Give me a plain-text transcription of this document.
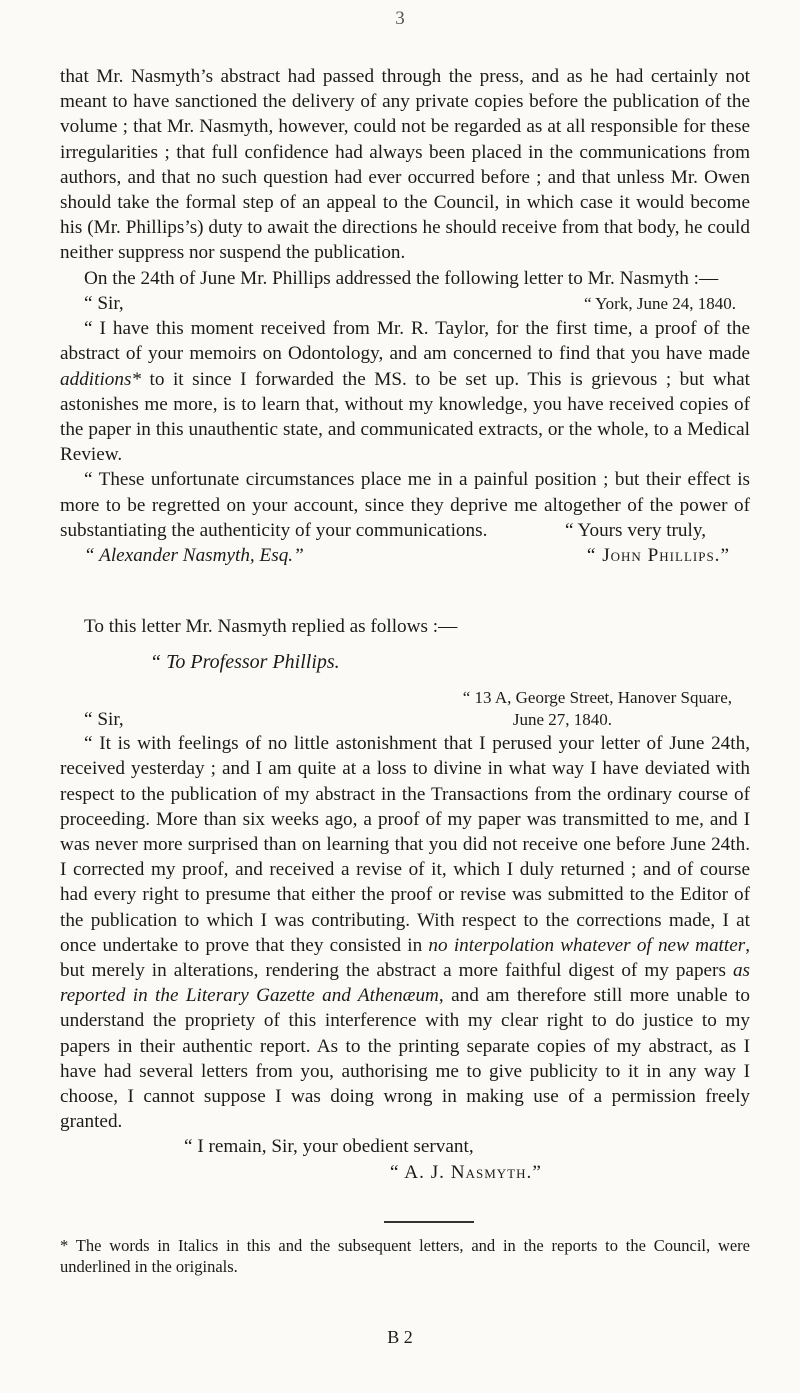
3

that Mr. Nasmyth’s abstract had passed through the press, and as he had certainly not meant to have sanctioned the delivery of any private copies before the publication of the volume ; that Mr. Nasmyth, however, could not be regarded as at all responsible for these irregularities ; that full confidence had always been placed in the communications from authors, and that no such question had ever occurred before ; and that unless Mr. Owen should take the formal step of an appeal to the Council, in which case it would become his (Mr. Phillips’s) duty to await the directions he should receive from that body, he could neither suppress nor suspend the publication.

On the 24th of June Mr. Phillips addressed the following letter to Mr. Nasmyth :—

“ Sir,	“ York, June 24, 1840.

“ I have this moment received from Mr. R. Taylor, for the first time, a proof of the abstract of your memoirs on Odontology, and am concerned to find that you have made additions* to it since I forwarded the MS. to be set up. This is grievous ; but what astonishes me more, is to learn that, without my knowledge, you have received copies of the paper in this unauthentic state, and communicated extracts, or the whole, to a Medical Review.

“ These unfortunate circumstances place me in a painful position ; but their effect is more to be regretted on your account, since they deprive me altogether of the power of substantiating the authenticity of your communications.	“ Yours very truly,
“ Alexander Nasmyth, Esq.”	“ John Phillips.”

To this letter Mr. Nasmyth replied as follows :—

“ To Professor Phillips.
“ 13 A, George Street, Hanover Square,
“ Sir,	June 27, 1840.

“ It is with feelings of no little astonishment that I perused your letter of June 24th, received yesterday ; and I am quite at a loss to divine in what way I have deviated with respect to the publication of my abstract in the Transactions from the ordinary course of proceeding. More than six weeks ago, a proof of my paper was transmitted to me, and I was never more surprised than on learning that you did not receive one before June 24th. I corrected my proof, and received a revise of it, which I duly returned ; and of course had every right to presume that either the proof or revise was submitted to the Editor of the publication to which I was contributing. With respect to the corrections made, I at once undertake to prove that they consisted in no interpolation whatever of new matter, but merely in alterations, rendering the abstract a more faithful digest of my papers as reported in the Literary Gazette and Athenæum, and am therefore still more unable to understand the propriety of this interference with my clear right to do justice to my papers in their authentic report. As to the printing separate copies of my abstract, as I have had several letters from you, authorising me to give publicity to it in any way I choose, I cannot suppose I was doing wrong in making use of a permission freely granted.

“ I remain, Sir, your obedient servant,
“ A. J. Nasmyth.”
* The words in Italics in this and the subsequent letters, and in the reports to the Council, were underlined in the originals.
B 2
